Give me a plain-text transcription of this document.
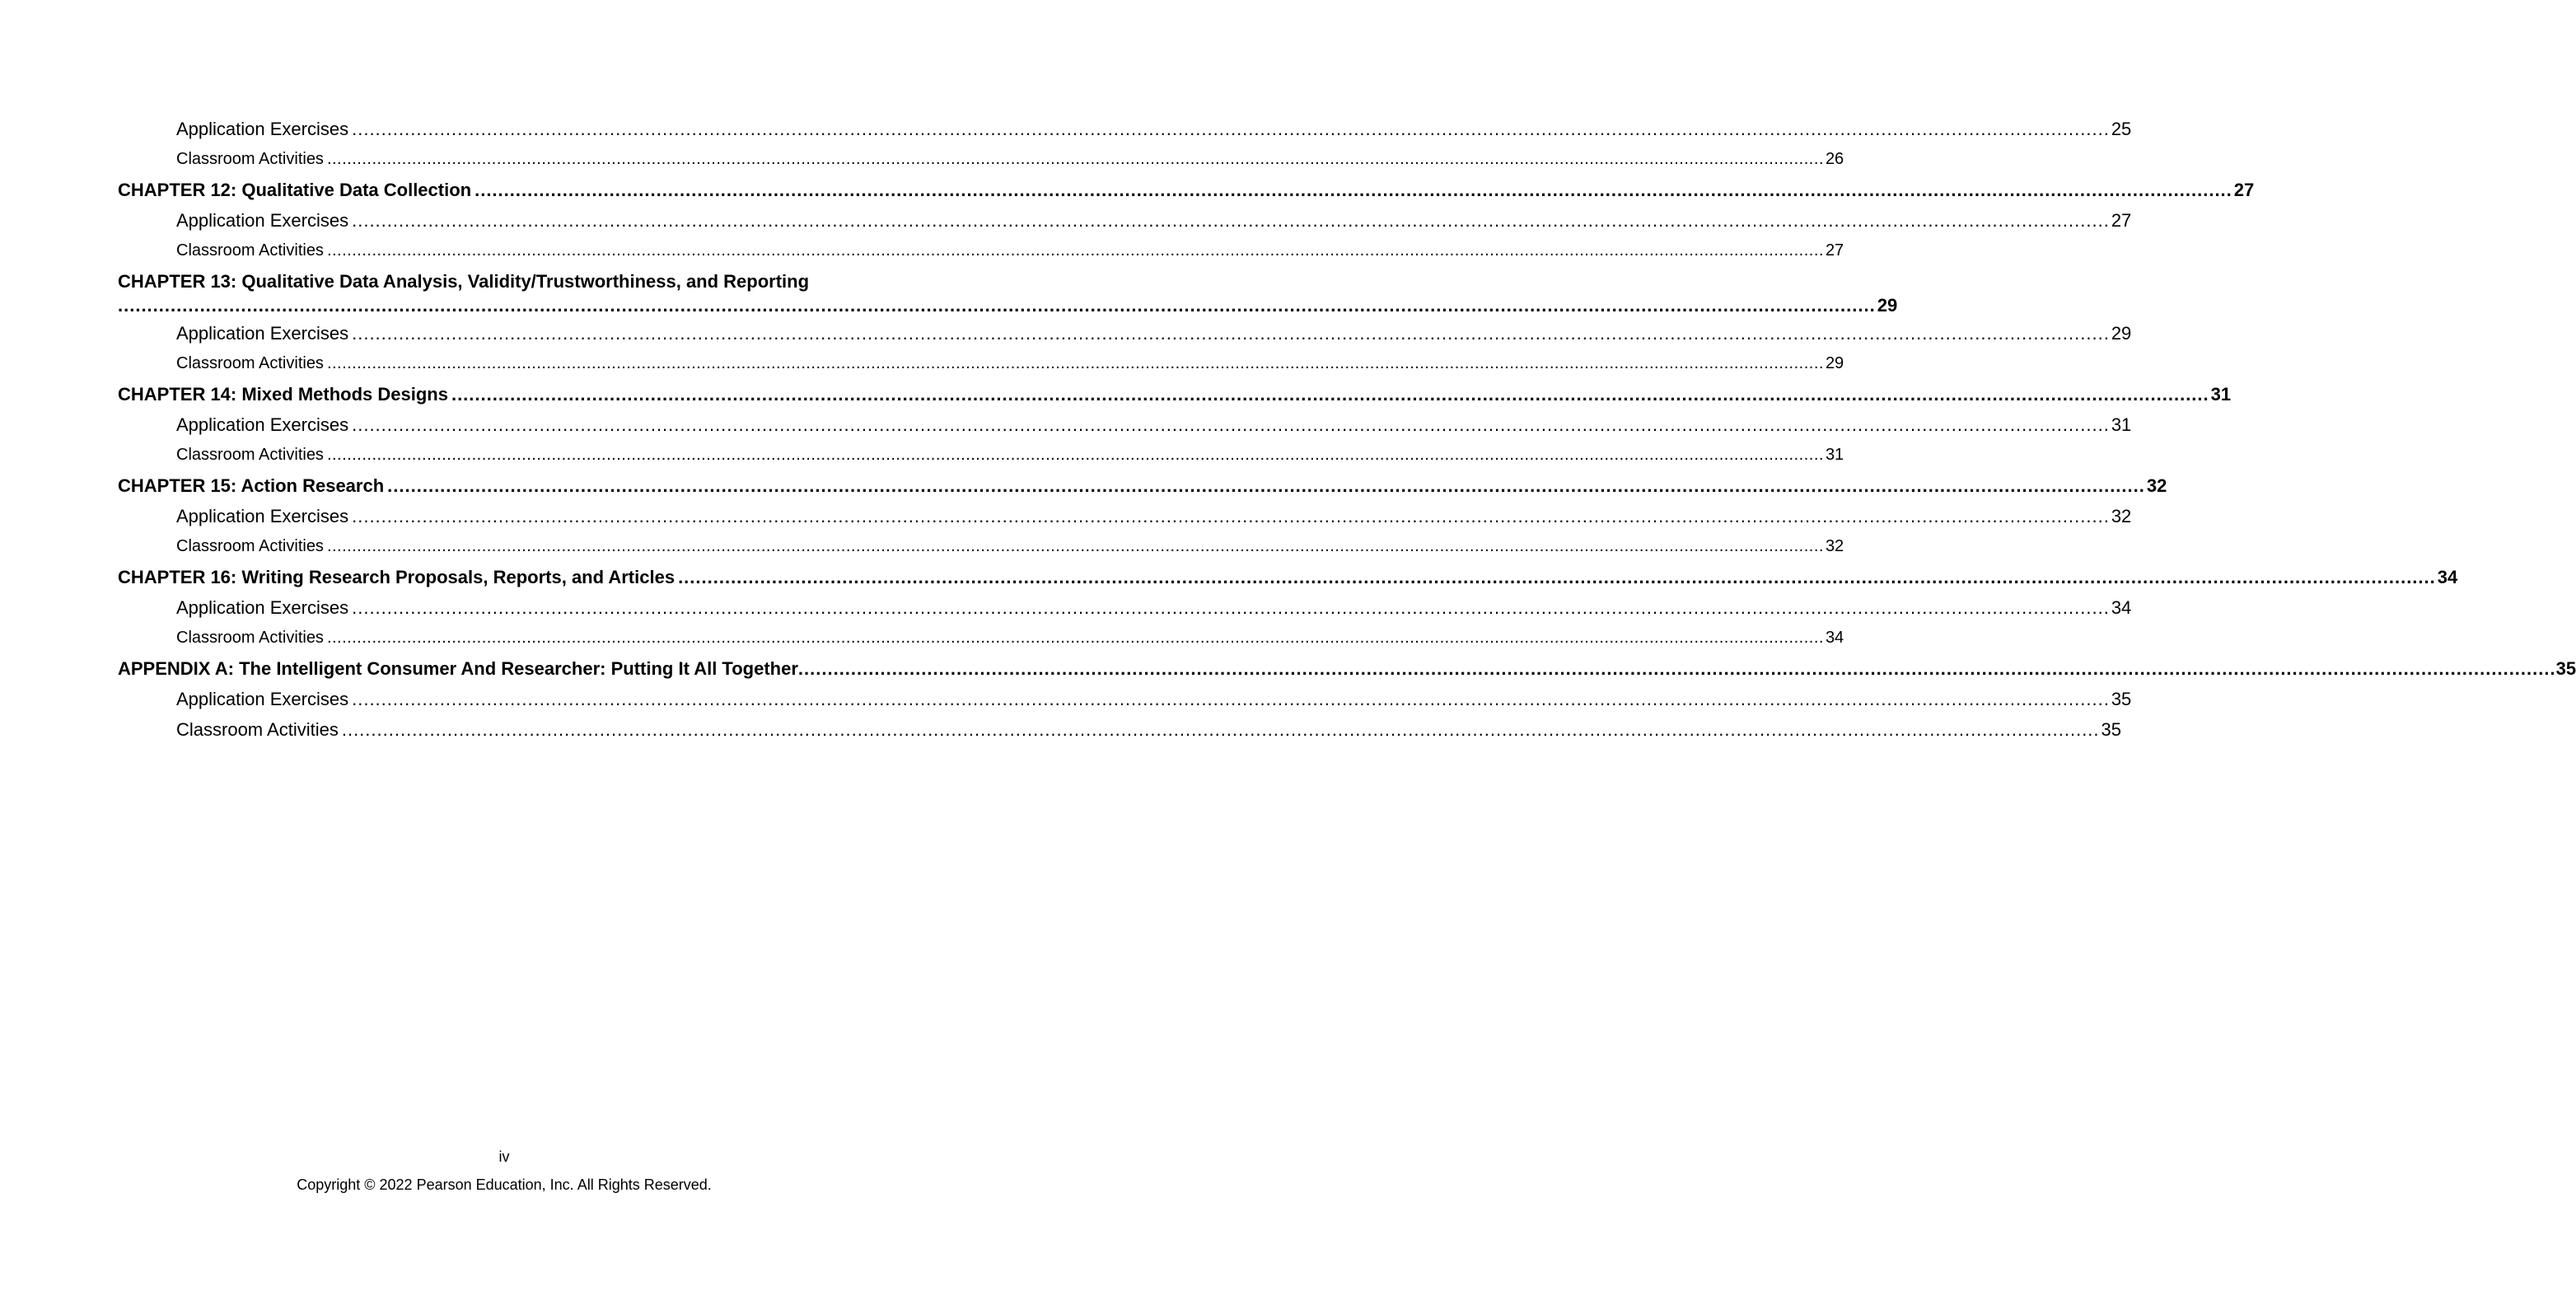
Application Exercises ............................................................................................................................................................................................................................................................................................................ 25
Classroom Activities ............................................................................................................................................................................................................................................................................................................ 26
CHAPTER 12: Qualitative Data Collection ............................................................................................................................................................................................................................................................................................................ 27
Application Exercises ............................................................................................................................................................................................................................................................................................................ 27
Classroom Activities ............................................................................................................................................................................................................................................................................................................ 27
CHAPTER 13: Qualitative Data Analysis, Validity/Trustworthiness, and Reporting
............................................................................................................................................................................................................................................................................................................ 29
Application Exercises ............................................................................................................................................................................................................................................................................................................ 29
Classroom Activities ............................................................................................................................................................................................................................................................................................................ 29
CHAPTER 14: Mixed Methods Designs ............................................................................................................................................................................................................................................................................................................ 31
Application Exercises ............................................................................................................................................................................................................................................................................................................ 31
Classroom Activities ............................................................................................................................................................................................................................................................................................................ 31
CHAPTER 15: Action Research ............................................................................................................................................................................................................................................................................................................ 32
Application Exercises ............................................................................................................................................................................................................................................................................................................ 32
Classroom Activities ............................................................................................................................................................................................................................................................................................................ 32
CHAPTER 16: Writing Research Proposals, Reports, and Articles ............................................................................................................................................................................................................................................................................................................ 34
Application Exercises ............................................................................................................................................................................................................................................................................................................ 34
Classroom Activities ............................................................................................................................................................................................................................................................................................................ 34
APPENDIX A: The Intelligent Consumer And Researcher: Putting It All Together ............................................................................................................................................................................................................................................................................................................ 35
Application Exercises ............................................................................................................................................................................................................................................................................................................ 35
Classroom Activities ............................................................................................................................................................................................................................................................................................................ 35
iv
Copyright © 2022 Pearson Education, Inc. All Rights Reserved.
